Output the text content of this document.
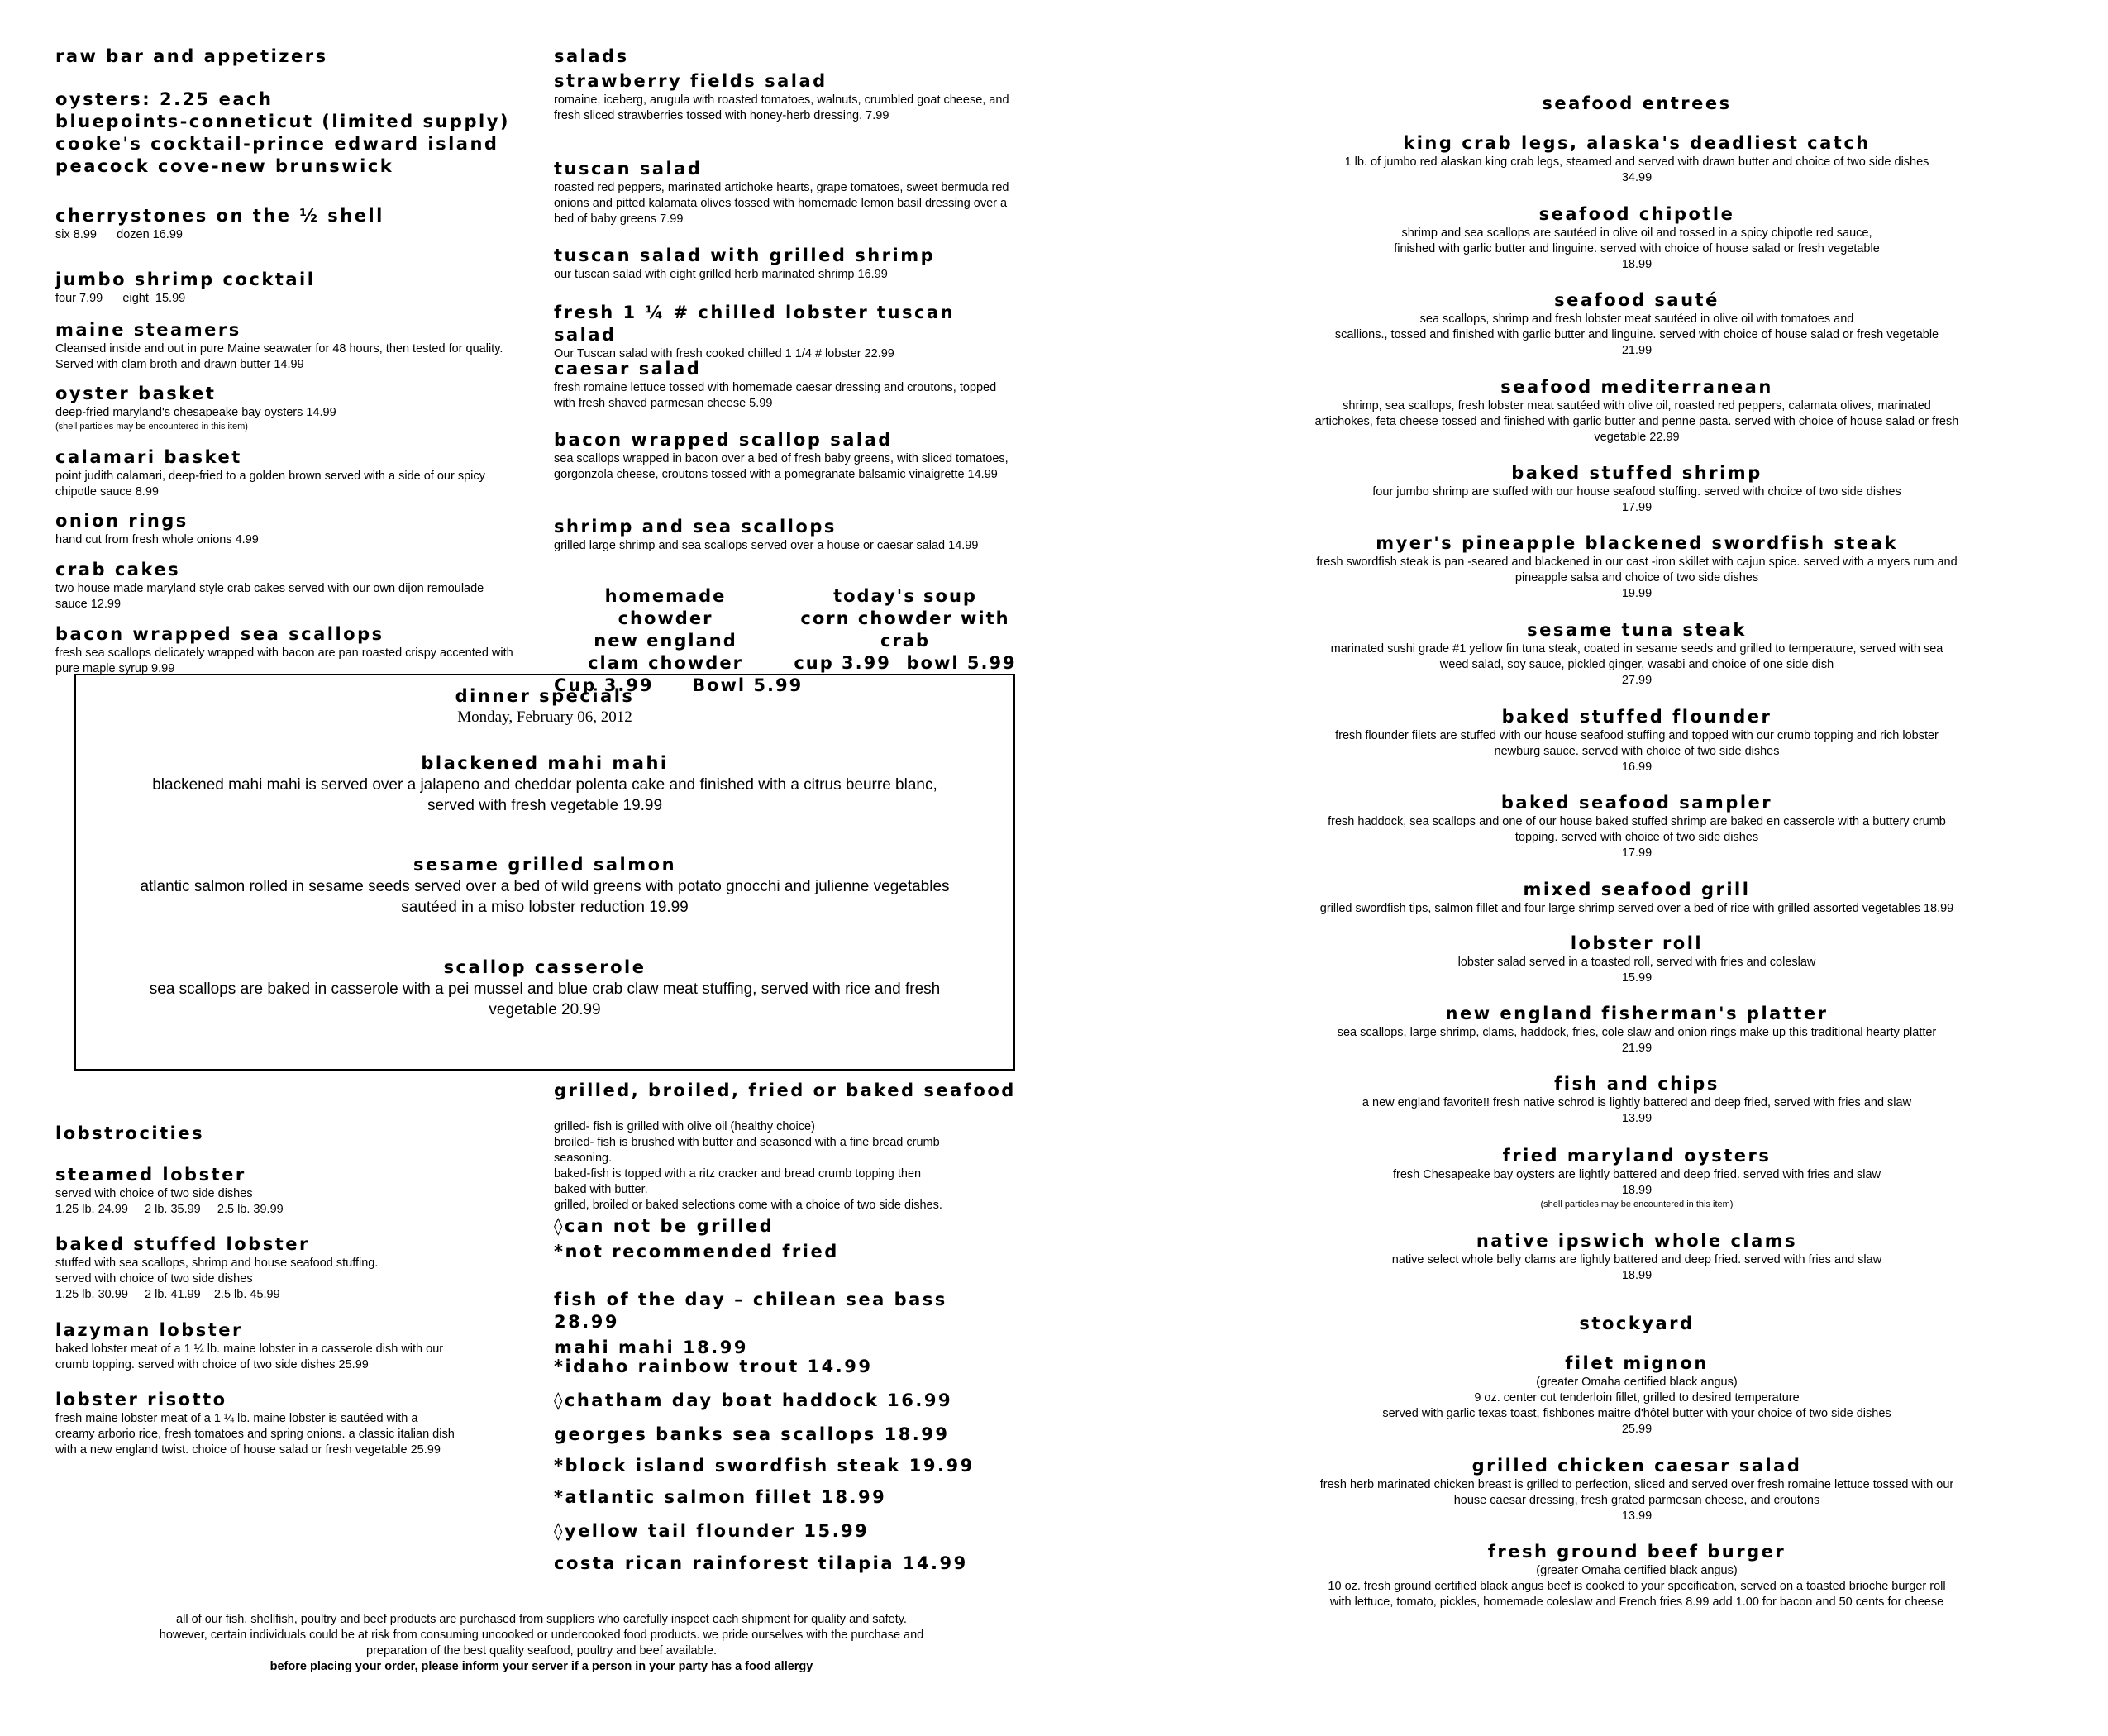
raw bar and appetizers

oysters: 2.25 each

bluepoints-conneticut (limited supply)

cooke's cocktail-prince edward island

peacock cove-new brunswick

cherrystones on the ½ shell

six 8.99      dozen 16.99

jumbo shrimp cocktail

four 7.99      eight  15.99

maine steamers

Cleansed inside and out in pure Maine seawater for 48 hours, then tested for quality. Served with clam broth and drawn butter 14.99

oyster basket

deep-fried maryland's chesapeake bay oysters 14.99

(shell particles may be encountered in this item)

calamari basket

point judith calamari, deep-fried to a golden brown served with a side of our spicy chipotle sauce 8.99

onion rings

hand cut from fresh whole onions 4.99

crab cakes

two house made maryland style crab cakes served with our own dijon remoulade sauce 12.99

bacon wrapped sea scallops

fresh sea scallops delicately wrapped with bacon are pan roasted crispy accented with pure maple syrup 9.99

lobstrocities

steamed lobster

served with choice of two side dishes

1.25 lb. 24.99     2 lb. 35.99     2.5 lb. 39.99

baked stuffed lobster

stuffed with sea scallops, shrimp and house seafood stuffing.

served with choice of two side dishes

1.25 lb. 30.99     2 lb. 41.99    2.5 lb. 45.99

lazyman lobster

baked lobster meat of a 1 ¼ lb. maine lobster in a casserole dish with our

crumb topping. served with choice of two side dishes 25.99

lobster risotto

fresh maine lobster meat of a 1 ¼ lb. maine lobster is sautéed with a

creamy arborio rice, fresh tomatoes and spring onions. a classic italian dish

with a new england twist. choice of house salad or fresh vegetable 25.99

salads

strawberry fields salad

romaine, iceberg, arugula with roasted tomatoes, walnuts, crumbled goat cheese, and fresh sliced strawberries tossed with honey-herb dressing. 7.99

tuscan salad

roasted red peppers, marinated artichoke hearts, grape tomatoes, sweet bermuda red onions and pitted kalamata olives tossed with homemade lemon basil dressing over a bed of baby greens 7.99

tuscan salad with grilled shrimp

our tuscan salad with eight grilled herb marinated shrimp 16.99

fresh 1 ¼ # chilled lobster tuscan salad

Our Tuscan salad with fresh cooked chilled 1 1/4 # lobster 22.99

caesar salad

fresh romaine lettuce tossed with homemade caesar dressing and croutons, topped with fresh shaved parmesan cheese 5.99

bacon wrapped scallop salad

sea scallops wrapped in bacon over a bed of fresh baby greens, with sliced tomatoes, gorgonzola cheese, croutons tossed with a pomegranate balsamic vinaigrette 14.99

shrimp and sea scallops

grilled large shrimp and sea scallops served over a house or caesar salad 14.99

grilled, broiled, fried or baked seafood

grilled- fish is grilled with olive oil (healthy choice)

broiled- fish is brushed with butter and seasoned with a fine bread crumb

seasoning.

baked-fish is topped with a ritz cracker and bread crumb topping then

baked with butter.

grilled, broiled or baked selections come with a choice of two side dishes.

◊can not be grilled

*not recommended fried

fish of the day – chilean sea bass 28.99

mahi mahi 18.99

*idaho rainbow trout 14.99

◊chatham day boat haddock 16.99

georges banks sea scallops 18.99

*block island swordfish steak 19.99

*atlantic salmon fillet 18.99

◊yellow tail flounder 15.99

costa rican rainforest tilapia 14.99

homemade chowder

new england

clam chowder

Cup 3.99     Bowl 5.99

today's soup

corn chowder with

crab

cup 3.99  bowl 5.99

dinner specials
Monday, February 06, 2012
blackened mahi mahi
blackened mahi mahi is served over a jalapeno and cheddar polenta cake and finished with a citrus beurre blanc,
served with fresh vegetable 19.99
sesame grilled salmon
atlantic salmon rolled in sesame seeds served over a bed of wild greens with potato gnocchi and julienne vegetables
sautéed in a miso lobster reduction 19.99
scallop casserole
sea scallops are baked in casserole with a pei mussel and blue crab claw meat stuffing, served with rice and fresh
vegetable 20.99

all of our fish, shellfish, poultry and beef products are purchased from suppliers who carefully inspect each shipment for quality and safety.

however, certain individuals could be at risk from consuming uncooked or undercooked food products. we pride ourselves with the purchase and

preparation of the best quality seafood, poultry and beef available.

before placing your order, please inform your server if a person in your party has a food allergy

seafood entrees

king crab legs, alaska's deadliest catch

1 lb. of jumbo red alaskan king crab legs, steamed and served with drawn butter and choice of two side dishes

34.99

seafood chipotle

shrimp and sea scallops are sautéed in olive oil and tossed in a spicy chipotle red sauce,

finished with garlic butter and linguine. served with choice of house salad or fresh vegetable

18.99

seafood sauté

sea scallops, shrimp and fresh lobster meat sautéed in olive oil with tomatoes and

scallions., tossed and finished with garlic butter and linguine. served with choice of house salad or fresh vegetable

21.99

seafood mediterranean

shrimp, sea scallops, fresh lobster meat sautéed with olive oil, roasted red peppers, calamata olives, marinated

artichokes, feta cheese tossed and finished with garlic butter and penne pasta. served with choice of house salad or fresh

vegetable 22.99

baked stuffed shrimp

four jumbo shrimp are stuffed with our house seafood stuffing. served with choice of two side dishes

17.99

myer's pineapple blackened swordfish steak

fresh swordfish steak is pan -seared and blackened in our cast -iron skillet with cajun spice. served with a myers rum and

pineapple salsa and choice of two side dishes

19.99

sesame tuna steak

marinated sushi grade #1 yellow fin tuna steak, coated in sesame seeds and grilled to temperature, served with sea

weed salad, soy sauce, pickled ginger, wasabi and choice of one side dish

27.99

baked stuffed flounder

fresh flounder filets are stuffed with our house seafood stuffing and topped with our crumb topping and rich lobster

newburg sauce. served with choice of two side dishes

16.99

baked seafood sampler

fresh haddock, sea scallops and one of our house baked stuffed shrimp are baked en casserole with a buttery crumb

topping. served with choice of two side dishes

17.99

mixed seafood grill

grilled swordfish tips, salmon fillet and four large shrimp served over a bed of rice with grilled assorted vegetables 18.99

lobster roll

lobster salad served in a toasted roll, served with fries and coleslaw

15.99

new england fisherman's platter

sea scallops, large shrimp, clams, haddock, fries, cole slaw and onion rings make up this traditional hearty platter

21.99

fish and chips

a new england favorite!! fresh native schrod is lightly battered and deep fried, served with fries and slaw

13.99

fried maryland oysters

fresh Chesapeake bay oysters are lightly battered and deep fried. served with fries and slaw

18.99

(shell particles may be encountered in this item)

native ipswich whole clams

native select whole belly clams are lightly battered and deep fried. served with fries and slaw

18.99

stockyard

filet mignon

(greater Omaha certified black angus)

9 oz. center cut tenderloin fillet, grilled to desired temperature

served with garlic texas toast, fishbones maitre d'hôtel butter with your choice of two side dishes

25.99

grilled chicken caesar salad

fresh herb marinated chicken breast is grilled to perfection, sliced and served over fresh romaine lettuce tossed with our

house caesar dressing, fresh grated parmesan cheese, and croutons

13.99

fresh ground beef burger

(greater Omaha certified black angus)

10 oz. fresh ground certified black angus beef is cooked to your specification, served on a toasted brioche burger roll

with lettuce, tomato, pickles, homemade coleslaw and French fries 8.99 add 1.00 for bacon and 50 cents for cheese
